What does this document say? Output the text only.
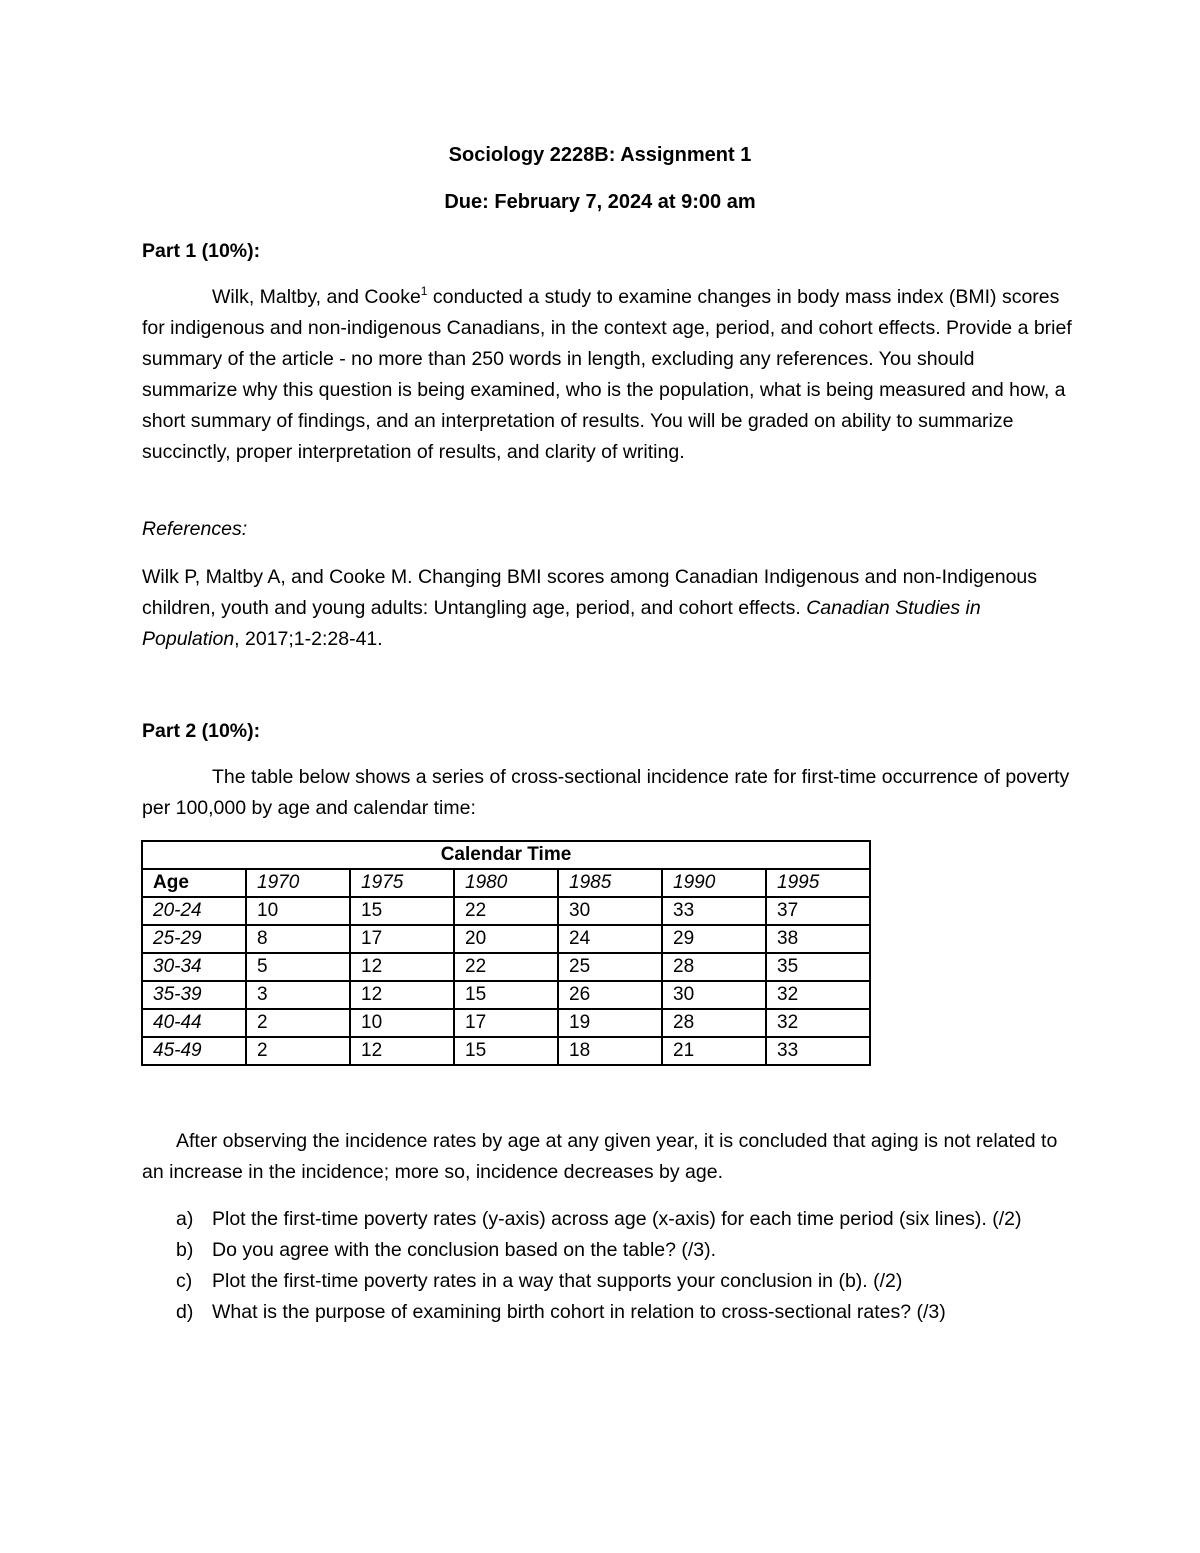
Sociology 2228B: Assignment 1
Due: February 7, 2024 at 9:00 am
Part 1 (10%):
Wilk, Maltby, and Cooke$^1$ conducted a study to examine changes in body mass index (BMI) scores for indigenous and non-indigenous Canadians, in the context age, period, and cohort effects. Provide a brief summary of the article - no more than 250 words in length, excluding any references. You should summarize why this question is being examined, who is the population, what is being measured and how, a short summary of findings, and an interpretation of results. You will be graded on ability to summarize succinctly, proper interpretation of results, and clarity of writing.
References:
Wilk P, Maltby A, and Cooke M. Changing BMI scores among Canadian Indigenous and non-Indigenous children, youth and young adults: Untangling age, period, and cohort effects. Canadian Studies in Population, 2017;1-2:28-41.
Part 2 (10%):
The table below shows a series of cross-sectional incidence rate for first-time occurrence of poverty per 100,000 by age and calendar time:
Calendar Time						
Age	1970	1975	1980	1985	1990	1995
20-24	10	15	22	30	33	37
25-29	8	17	20	24	29	38
30-34	5	12	22	25	28	35
35-39	3	12	15	26	30	32
40-44	2	10	17	19	28	32
45-49	2	12	15	18	21	33
After observing the incidence rates by age at any given year, it is concluded that aging is not related to an increase in the incidence; more so, incidence decreases by age.
a) Plot the first-time poverty rates (y-axis) across age (x-axis) for each time period (six lines). (/2)
b) Do you agree with the conclusion based on the table? (/3).
c)	Plot the first-time poverty rates in a way that supports your conclusion in (b). (/2)
d) What is the purpose of examining birth cohort in relation to cross-sectional rates? (/3)
